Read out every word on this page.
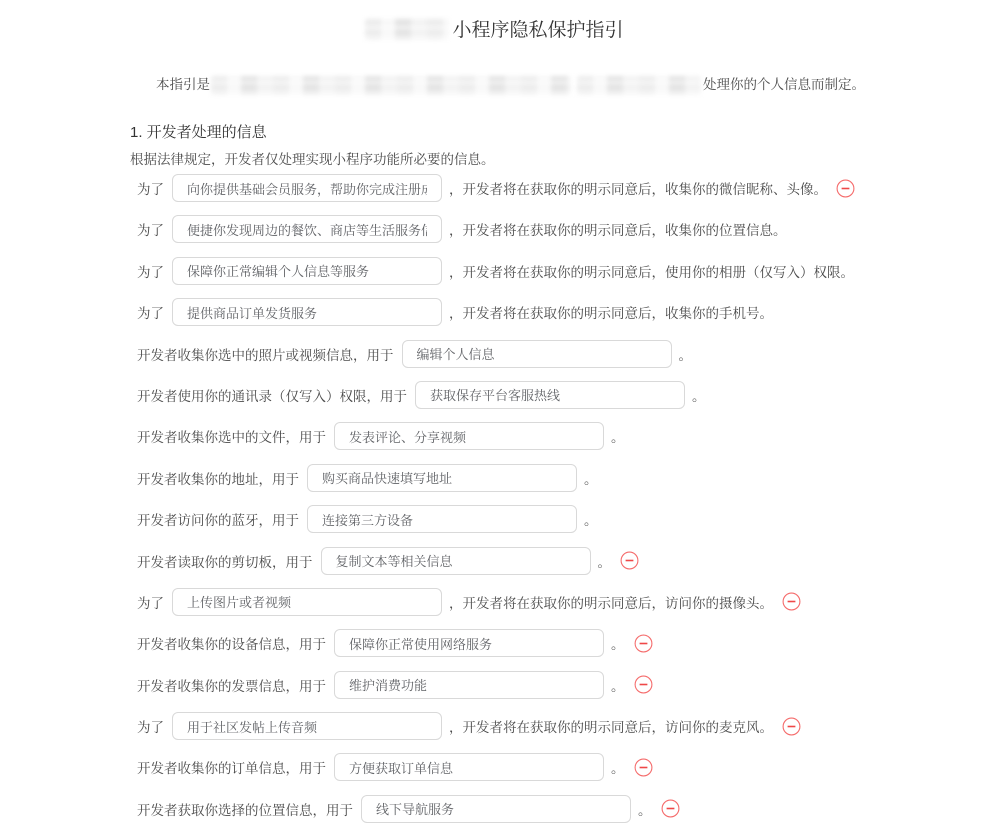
小程序隐私保护指引
本指引是	处理你的个人信息而制定。
1. 开发者处理的信息
根据法律规定，开发者仅处理实现小程序功能所必要的信息。
为了
向你提供基础会员服务，帮助你完成注册成	，开发者将在获取你的明示同意后，收集你的微信昵称、头像。
为了
便捷你发现周边的餐饮、商店等生活服务信	，开发者将在获取你的明示同意后，收集你的位置信息。
为了
保障你正常编辑个人信息等服务	，开发者将在获取你的明示同意后，使用你的相册（仅写入）权限。
为了
提供商品订单发货服务	，开发者将在获取你的明示同意后，收集你的手机号。
开发者收集你选中的照片或视频信息，用于
编辑个人信息	。
开发者使用你的通讯录（仅写入）权限，用于
获取保存平台客服热线	。
开发者收集你选中的文件，用于
发表评论、分享视频	。
开发者收集你的地址，用于
购买商品快速填写地址	。
开发者访问你的蓝牙，用于
连接第三方设备	。
开发者读取你的剪切板，用于
复制文本等相关信息	。
为了
上传图片或者视频	，开发者将在获取你的明示同意后，访问你的摄像头。
开发者收集你的设备信息，用于
保障你正常使用网络服务	。
开发者收集你的发票信息，用于
维护消费功能	。
为了
用于社区发帖上传音频	，开发者将在获取你的明示同意后，访问你的麦克风。
开发者收集你的订单信息，用于
方便获取订单信息	。
开发者获取你选择的位置信息，用于
线下导航服务	。
